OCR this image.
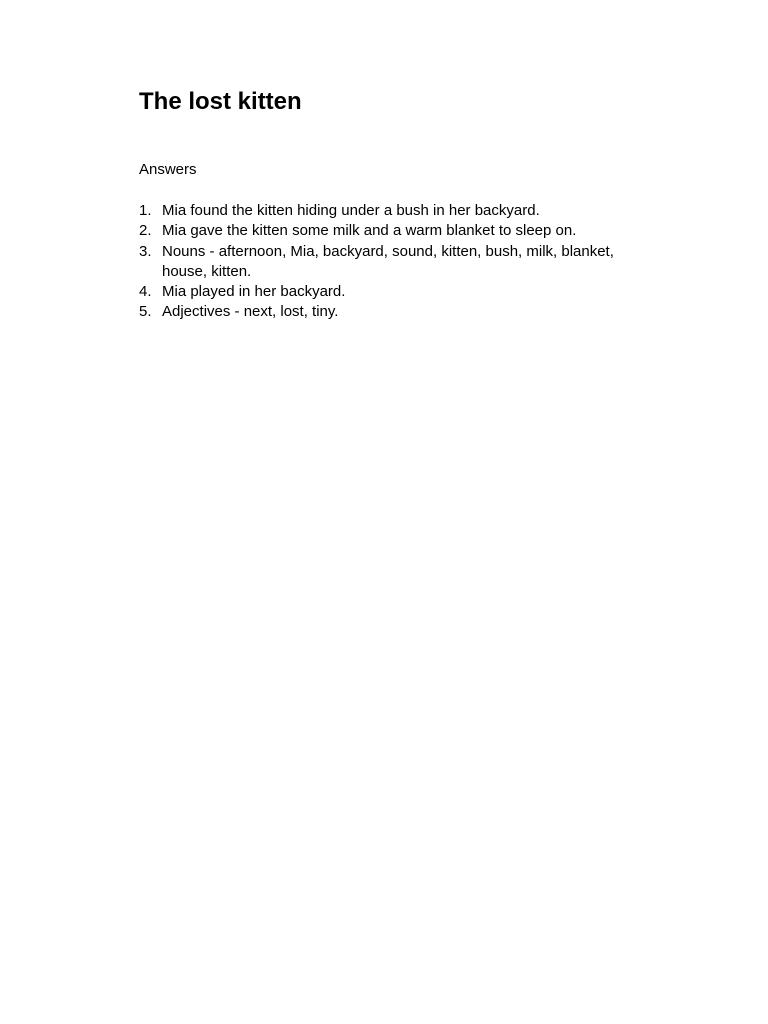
The lost kitten

Answers

1. Mia found the kitten hiding under a bush in her backyard.
2. Mia gave the kitten some milk and a warm blanket to sleep on.
3. Nouns - afternoon, Mia, backyard, sound, kitten, bush, milk, blanket, house, kitten.
4. Mia played in her backyard.
5. Adjectives - next, lost, tiny.
